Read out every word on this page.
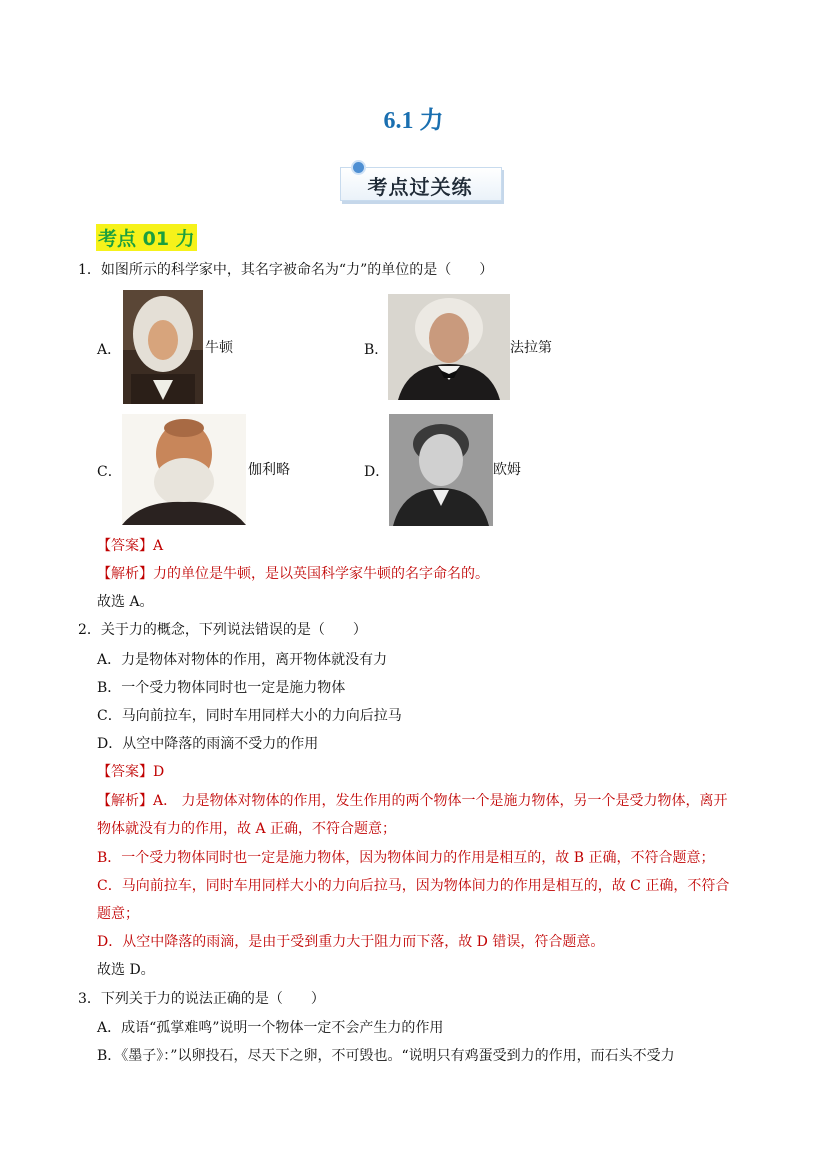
6.1 力
考点过关练
考点 01 力
1．如图所示的科学家中，其名字被命名为“力”的单位的是（　　）
A．	牛顿	B．	法拉第
C．	伽利略	D．	欧姆
【答案】A
【解析】力的单位是牛顿，是以英国科学家牛顿的名字命名的。
故选 A。
2．关于力的概念，下列说法错误的是（　　）
A．力是物体对物体的作用，离开物体就没有力
B．一个受力物体同时也一定是施力物体
C．马向前拉车，同时车用同样大小的力向后拉马
D．从空中降落的雨滴不受力的作用
【答案】D
【解析】A． 力是物体对物体的作用，发生作用的两个物体一个是施力物体，另一个是受力物体，离开
物体就没有力的作用，故 A 正确，不符合题意；
B．一个受力物体同时也一定是施力物体，因为物体间力的作用是相互的，故 B 正确，不符合题意；
C．马向前拉车，同时车用同样大小的力向后拉马，因为物体间力的作用是相互的，故 C 正确，不符合
题意；
D．从空中降落的雨滴，是由于受到重力大于阻力而下落，故 D 错误，符合题意。
故选 D。
3．下列关于力的说法正确的是（　　）
A．成语“孤掌难鸣”说明一个物体一定不会产生力的作用
B．《墨子》：”以卵投石，尽天下之卵，不可毁也。“说明只有鸡蛋受到力的作用，而石头不受力
